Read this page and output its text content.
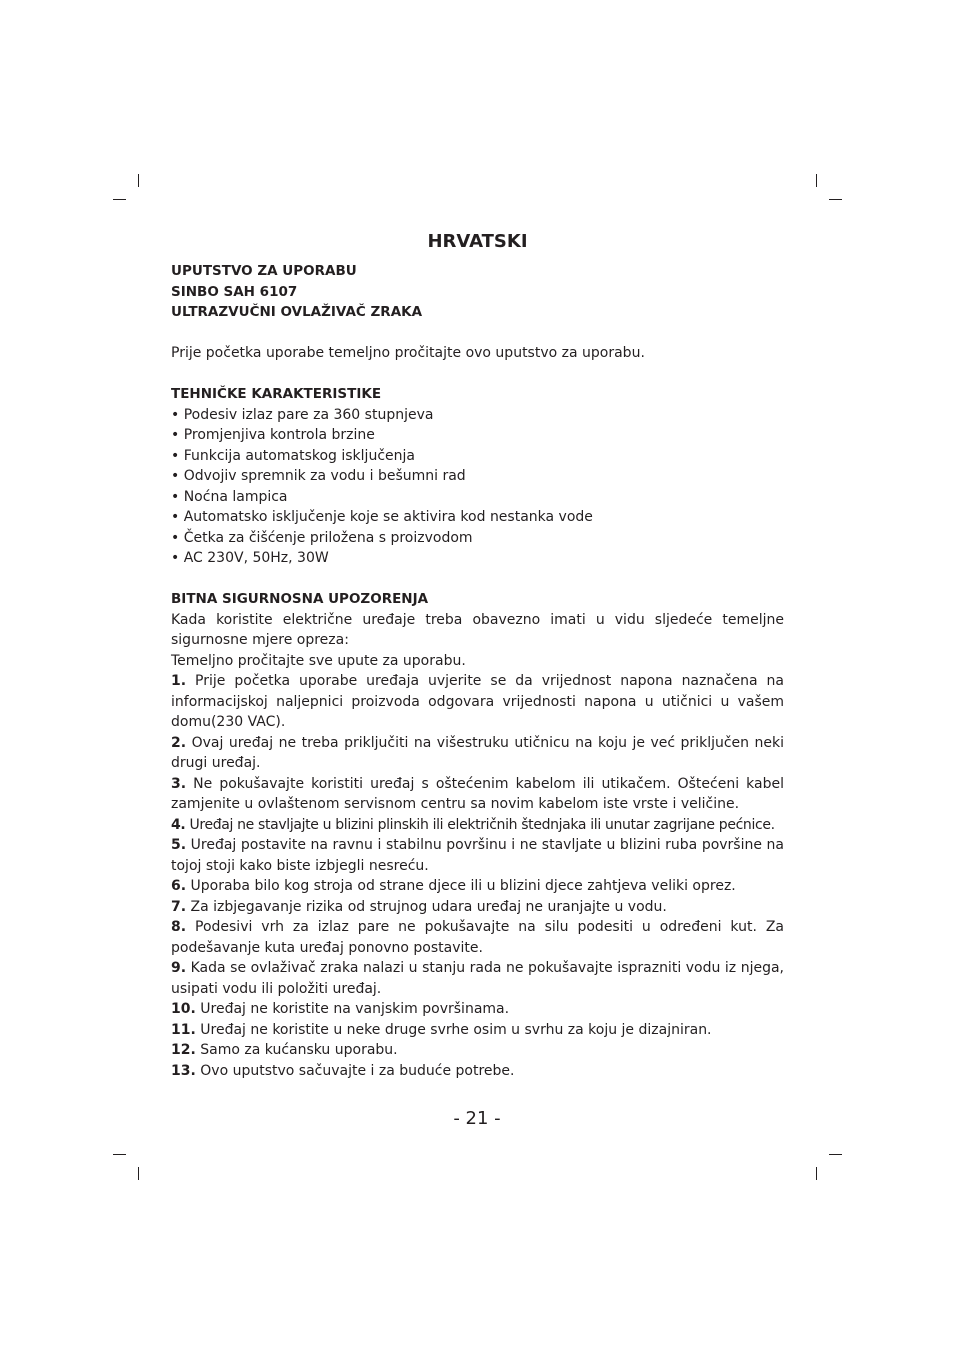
HRVATSKI
UPUTSTVO ZA UPORABU
SINBO SAH 6107
ULTRAZVUČNI OVLAŽIVAČ ZRAKA
Prije početka uporabe temeljno pročitajte ovo uputstvo za uporabu.
TEHNIČKE KARAKTERISTIKE
• Podesiv izlaz pare za 360 stupnjeva
• Promjenjiva kontrola brzine
• Funkcija automatskog isključenja
• Odvojiv spremnik za vodu i bešumni rad
• Noćna lampica
• Automatsko isključenje koje se aktivira kod nestanka vode
• Četka za čišćenje priložena s proizvodom
• AC 230V, 50Hz, 30W
BITNA SIGURNOSNA UPOZORENJA

Kada koristite električne uređaje treba obavezno imati u vidu sljedeće temeljne sigurnosne mjere opreza:

Temeljno pročitajte sve upute za uporabu.

1. Prije početka uporabe uređaja uvjerite se da vrijednost napona naznačena na informacijskoj naljepnici proizvoda odgovara vrijednosti napona u utičnici u vašem domu(230 VAC).

2. Ovaj uređaj ne treba priključiti na višestruku utičnicu na koju je već priključen neki drugi uređaj.

3. Ne pokušavajte koristiti uređaj s oštećenim kabelom ili utikačem. Oštećeni kabel zamjenite u ovlaštenom servisnom centru sa novim kabelom iste vrste i veličine.

4. Uređaj ne stavljajte u blizini plinskih ili električnih štednjaka ili unutar zagrijane pećnice.

5. Uređaj postavite na ravnu i stabilnu površinu i ne stavljate u blizini ruba površine na tojoj stoji kako biste izbjegli nesreću.

6. Uporaba bilo kog stroja od strane djece ili u blizini djece zahtjeva veliki oprez.

7. Za izbjegavanje rizika od strujnog udara uređaj ne uranjajte u vodu.

8. Podesivi vrh za izlaz pare ne pokušavajte na silu podesiti u određeni kut. Za podešavanje kuta uređaj ponovno postavite.

9. Kada se ovlaživač zraka nalazi u stanju rada ne pokušavajte isprazniti vodu iz njega, usipati vodu ili položiti uređaj.

10. Uređaj ne koristite na vanjskim površinama.

11. Uređaj ne koristite u neke druge svrhe osim u svrhu za koju je dizajniran.

12. Samo za kućansku uporabu.

13. Ovo uputstvo sačuvajte i za buduće potrebe.

- 21 -
